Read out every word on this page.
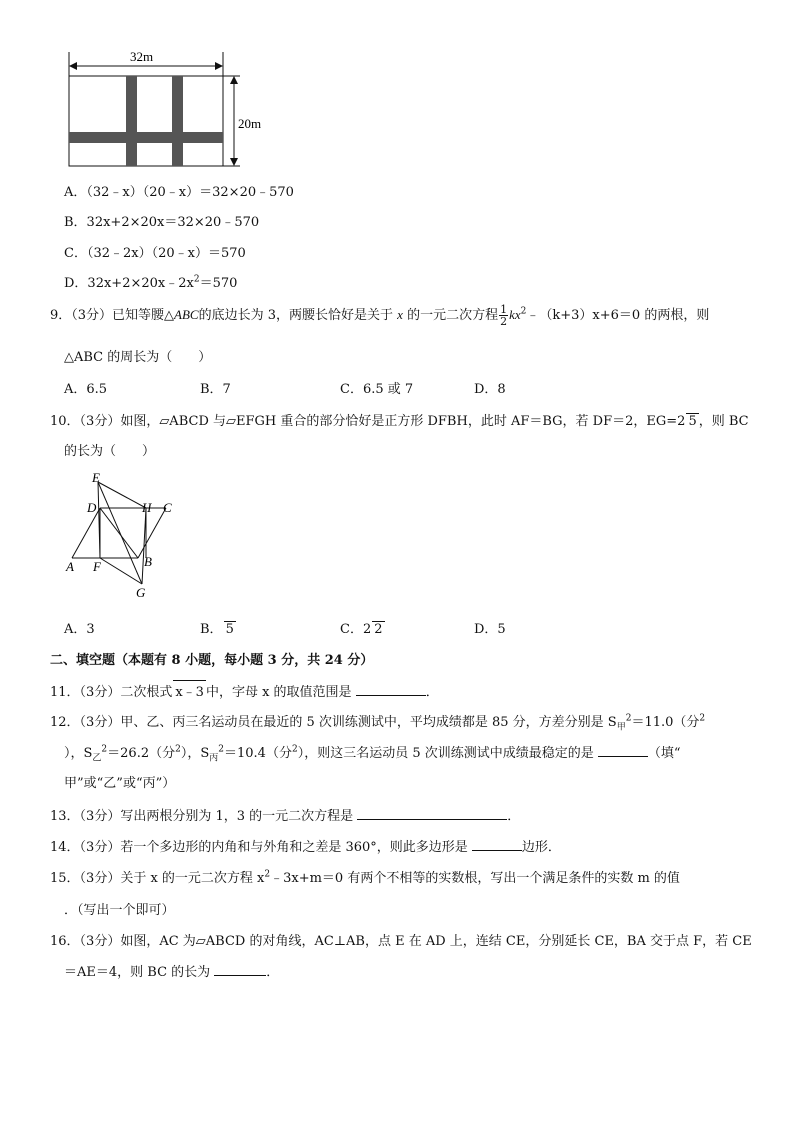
32m
20m
A．（32﹣x）（20﹣x）＝32×20﹣570
B．32x+2×20x＝32×20﹣570
C．（32﹣2x）（20﹣x）＝570
D．$32x+2\times 20x﹣2x^2=570$
9．（3分）已知等腰△ABC的底边长为 3，两腰长恰好是关于 x 的一元二次方程 $\frac{1}{2}$ $kx^2﹣(k+3)x+6=0$ 的两根，则
△ABC 的周长为（　　）
A．6.5	B．7	C．6.5 或 7	D．8
10．（3分）如图，▱ABCD 与▱EFGH 重合的部分恰好是正方形 DFBH，此时 AF＝BG，若 DF＝2，EG=2 5 ，则 BC
的长为（　　）
E
D	H C
A F	B
G
A．3	B． 5	C．2 2	D．5
二、填空题（本题有 8 小题，每小题 3 分，共 24 分）
11．（3分）二次根式 x﹣3 中，字母 x 的取值范围是	．
12．（3分）甲、乙、丙三名运动员在最近的 5 次训练测试中，平均成绩都是 85 分，方差分别是 $S_甲^2=11.0$（分$^2$
），$S_乙^2=26.2$（分$^2$），$S_丙^2=10.4$（分$^2$），则这三名运动员 5 次训练测试中成绩最稳定的是	（填“
甲”或“乙”或“丙”）
13．（3分）写出两根分别为 1，3 的一元二次方程是	．
14．（3分）若一个多边形的内角和与外角和之差是 360°，则此多边形是	边形．
15．（3分）关于 x 的一元二次方程 $x^2﹣3x+m=0$ 有两个不相等的实数根，写出一个满足条件的实数 m 的值
．（写出一个即可）
16．（3分）如图，AC 为▱ABCD 的对角线，AC⊥AB，点 E 在 AD 上，连结 CE，分别延长 CE，BA 交于点 F，若 CE
＝AE＝4，则 BC 的长为	．
